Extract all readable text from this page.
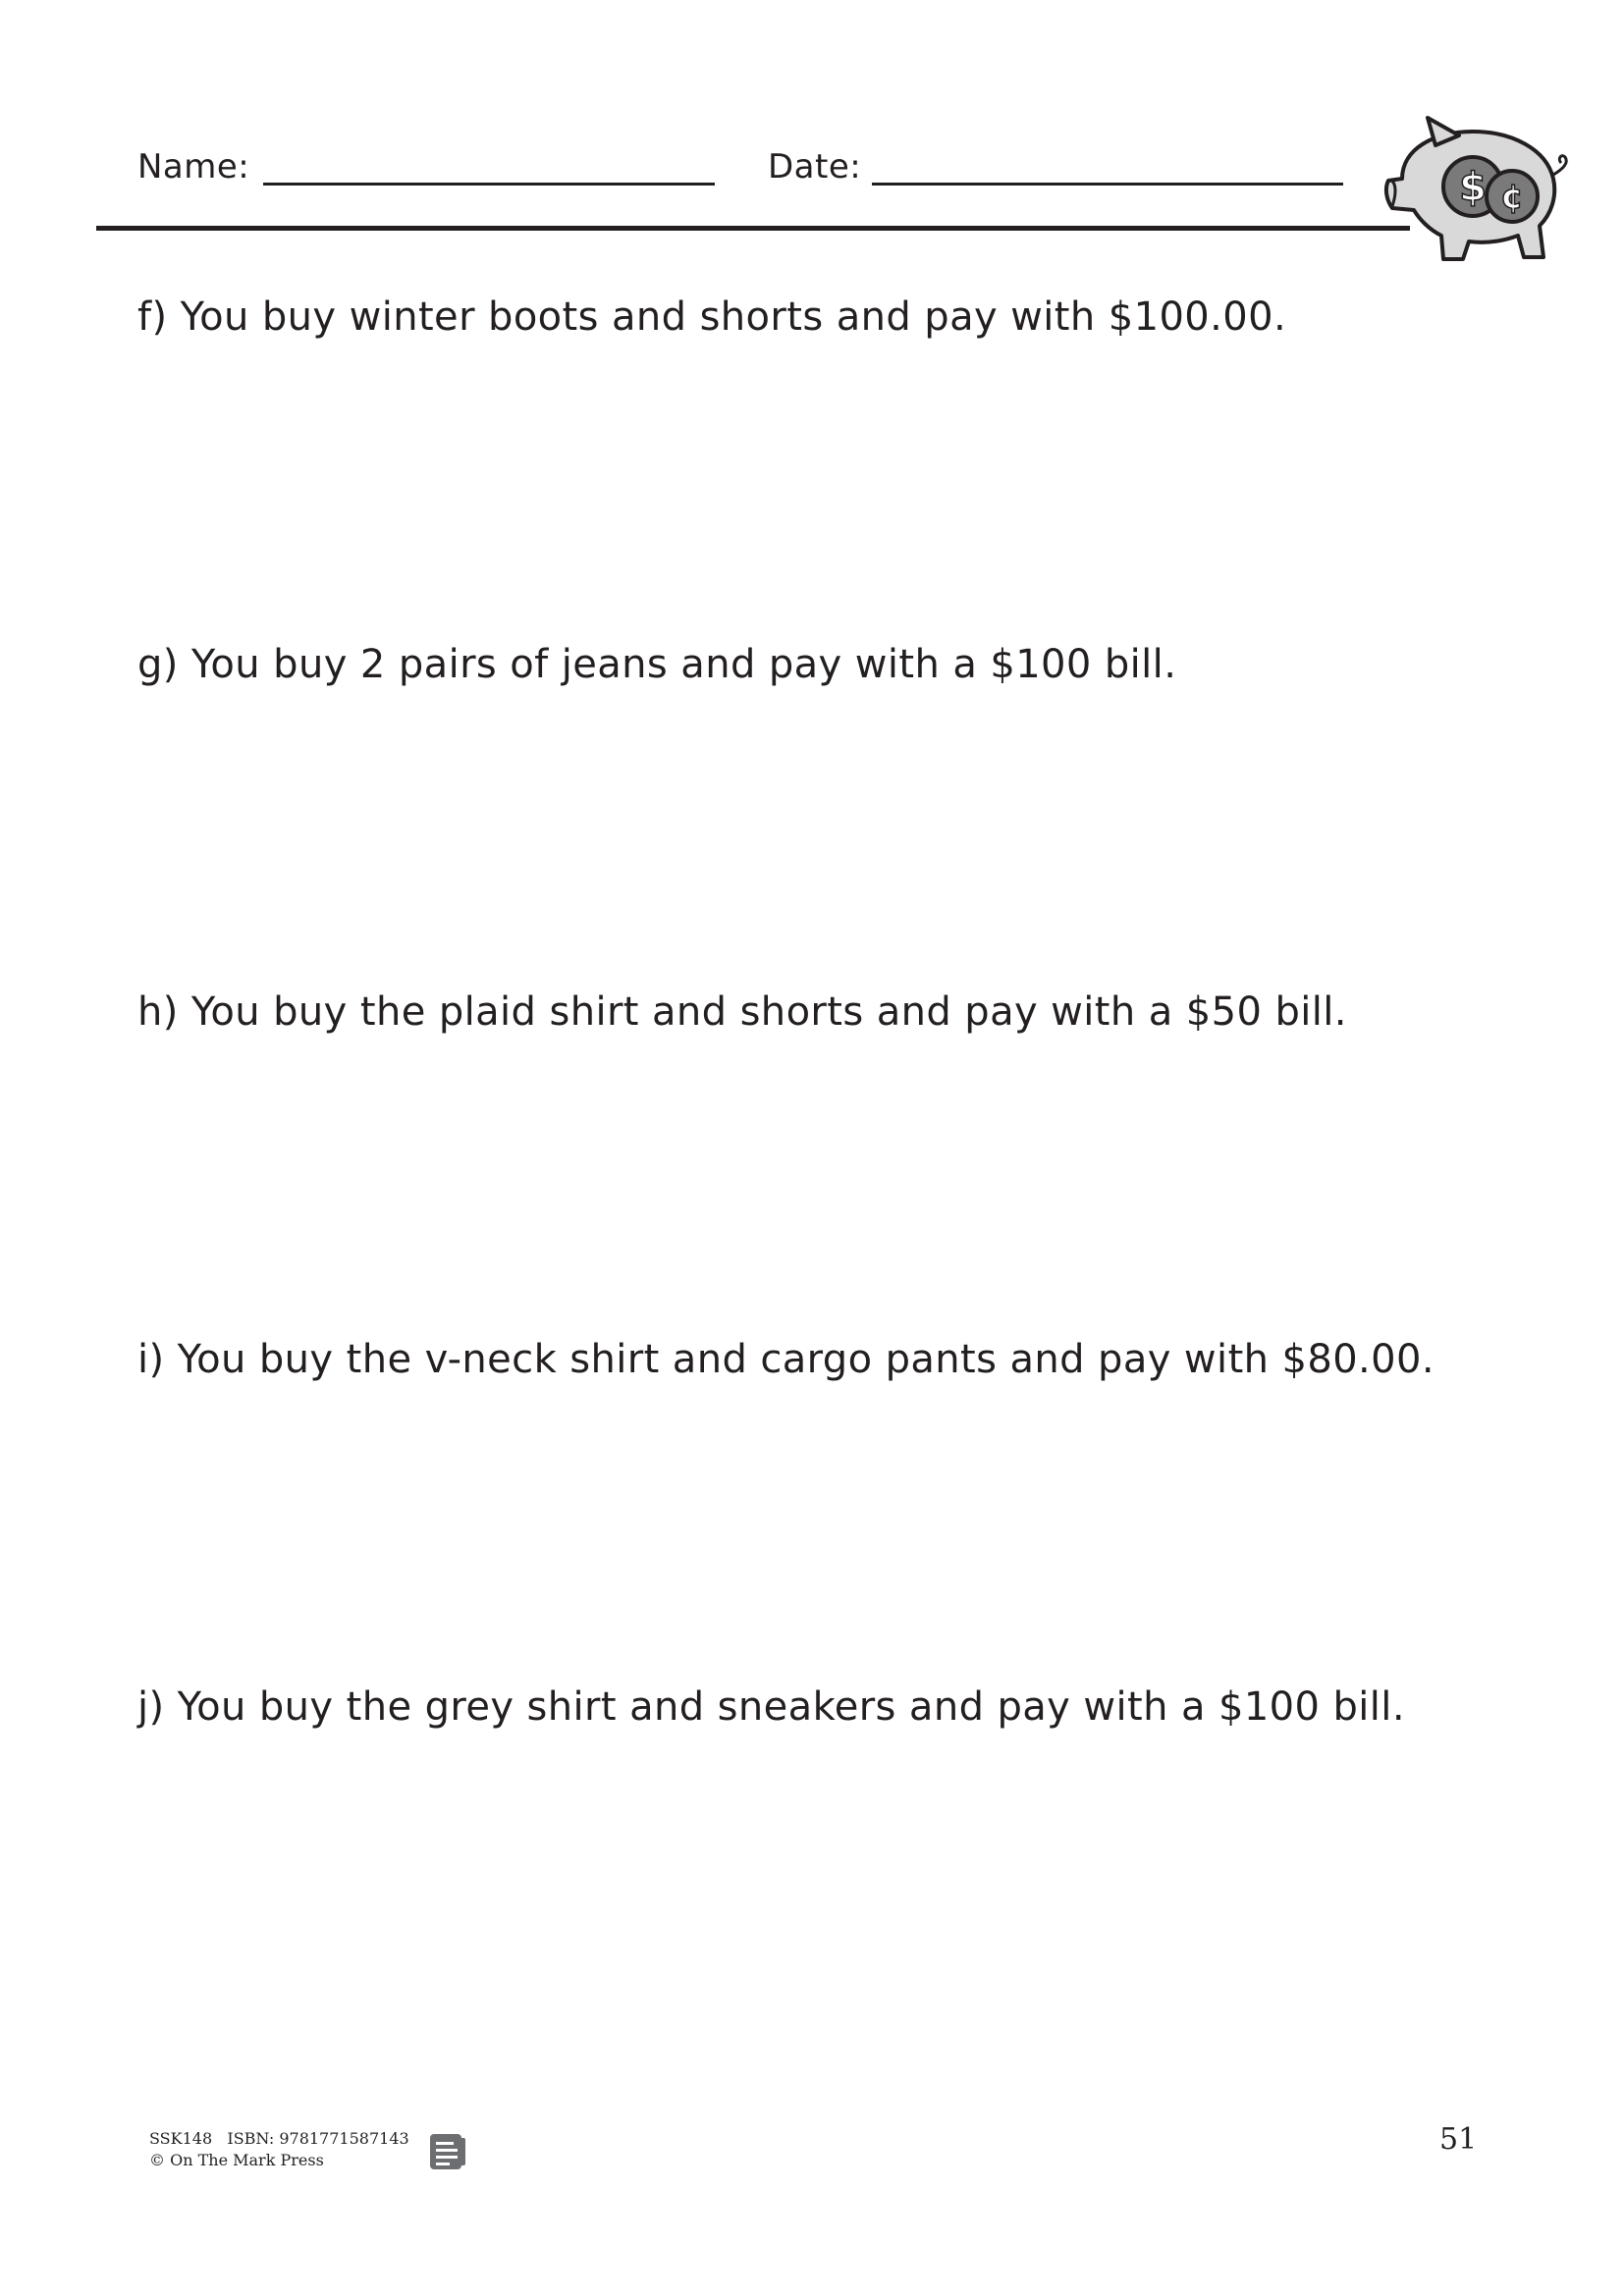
Name:	Date:	$ ¢
f) You buy winter boots and shorts and pay with $100.00.
g) You buy 2 pairs of jeans and pay with a $100 bill.
h) You buy the plaid shirt and shorts and pay with a $50 bill.
i) You buy the v-neck shirt and cargo pants and pay with $80.00.
j) You buy the grey shirt and sneakers and pay with a $100 bill.
SSK148   ISBN: 9781771587143
© On The Mark Press
51
